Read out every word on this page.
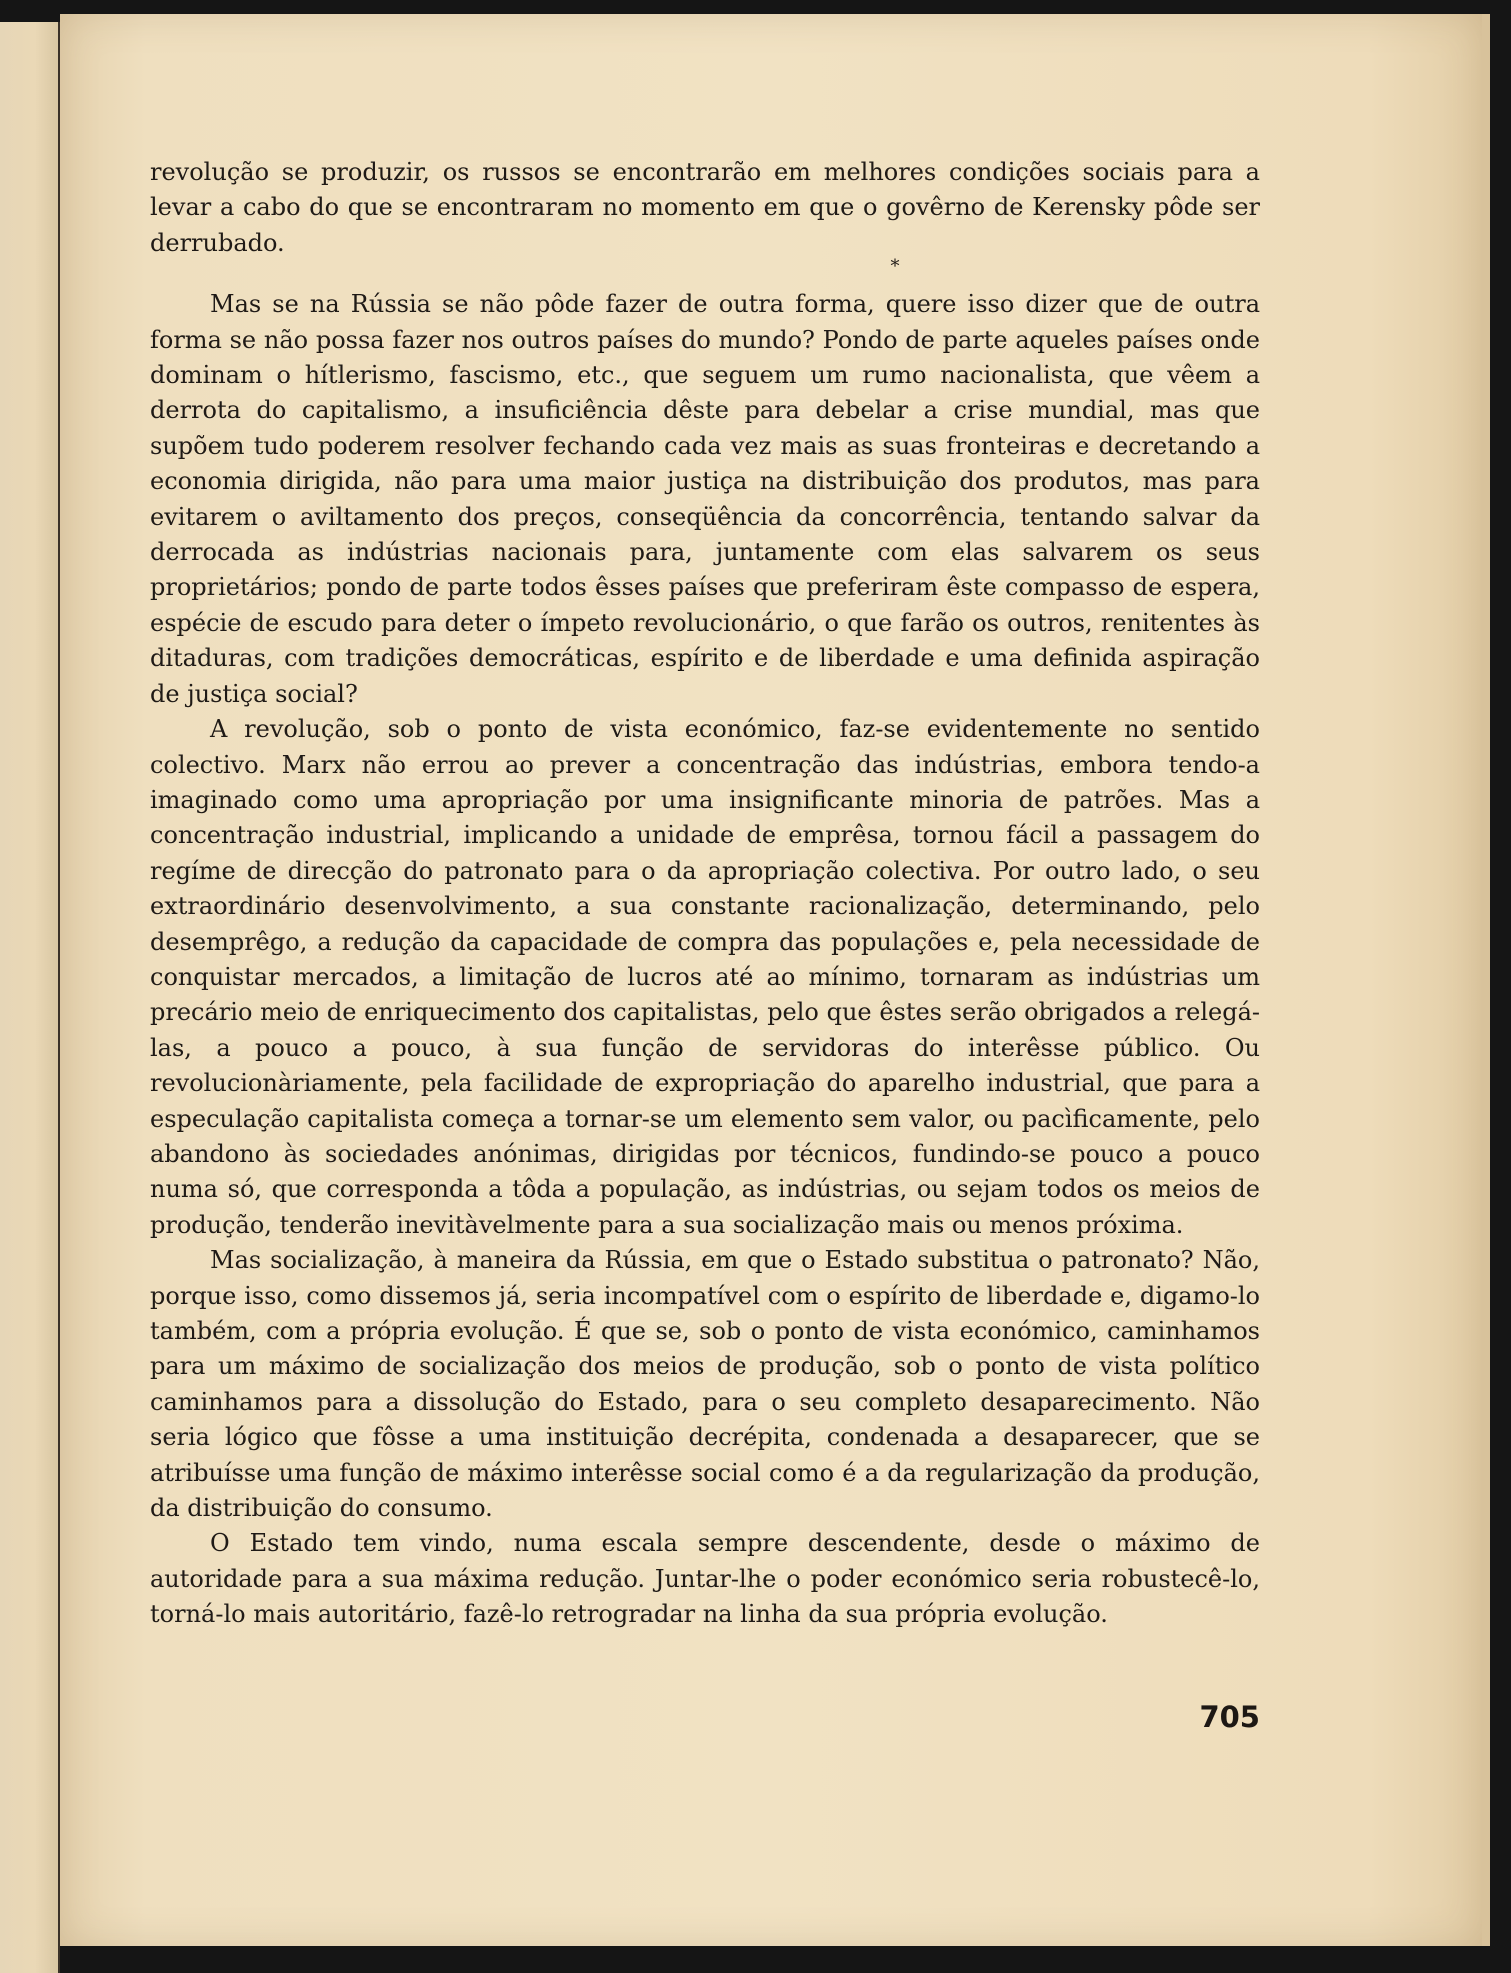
revolução se produzir, os russos se encontrarão em melhores condições sociais para a levar a cabo do que se encontraram no momento em que o govêrno de Kerensky pôde ser derrubado.

*

Mas se na Rússia se não pôde fazer de outra forma, quere isso dizer que de outra forma se não possa fazer nos outros países do mundo? Pondo de parte aqueles países onde dominam o hítlerismo, fascismo, etc., que seguem um rumo nacionalista, que vêem a derrota do capitalismo, a insuficiência dêste para debelar a crise mundial, mas que supõem tudo poderem resolver fechando cada vez mais as suas fronteiras e decretando a economia dirigida, não para uma maior justiça na distribuição dos produtos, mas para evitarem o aviltamento dos preços, conseqüência da concorrência, tentando salvar da derrocada as indústrias nacionais para, juntamente com elas salvarem os seus proprietários; pondo de parte todos êsses países que preferiram êste compasso de espera, espécie de escudo para deter o ímpeto revolucionário, o que farão os outros, renitentes às ditaduras, com tradições democráticas, espírito e de liberdade e uma definida aspiração de justiça social?

A revolução, sob o ponto de vista económico, faz-se evidentemente no sentido colectivo. Marx não errou ao prever a concentração das indústrias, embora tendo-a imaginado como uma apropriação por uma insignificante minoria de patrões. Mas a concentração industrial, implicando a unidade de emprêsa, tornou fácil a passagem do regíme de direcção do patronato para o da apropriação colectiva. Por outro lado, o seu extraordinário desenvolvimento, a sua constante racionalização, determinando, pelo desemprêgo, a redução da capacidade de compra das populações e, pela necessidade de conquistar mercados, a limitação de lucros até ao mínimo, tornaram as indústrias um precário meio de enriquecimento dos capitalistas, pelo que êstes serão obrigados a relegá-las, a pouco a pouco, à sua função de servidoras do interêsse público. Ou revolucionàriamente, pela facilidade de expropriação do aparelho industrial, que para a especulação capitalista começa a tornar-se um elemento sem valor, ou pacìficamente, pelo abandono às sociedades anónimas, dirigidas por técnicos, fundindo-se pouco a pouco numa só, que corresponda a tôda a população, as indústrias, ou sejam todos os meios de produção, tenderão inevitàvelmente para a sua socialização mais ou menos próxima.

Mas socialização, à maneira da Rússia, em que o Estado substitua o patronato? Não, porque isso, como dissemos já, seria incompatível com o espírito de liberdade e, digamo-lo também, com a própria evolução. É que se, sob o ponto de vista económico, caminhamos para um máximo de socialização dos meios de produção, sob o ponto de vista político caminhamos para a dissolução do Estado, para o seu completo desaparecimento. Não seria lógico que fôsse a uma instituição decrépita, condenada a desaparecer, que se atribuísse uma função de máximo interêsse social como é a da regularização da produção, da distribuição do consumo.

O Estado tem vindo, numa escala sempre descendente, desde o máximo de autoridade para a sua máxima redução. Juntar-lhe o poder económico seria robustecê-lo, torná-lo mais autoritário, fazê-lo retrogradar na linha da sua própria evolução.

705
